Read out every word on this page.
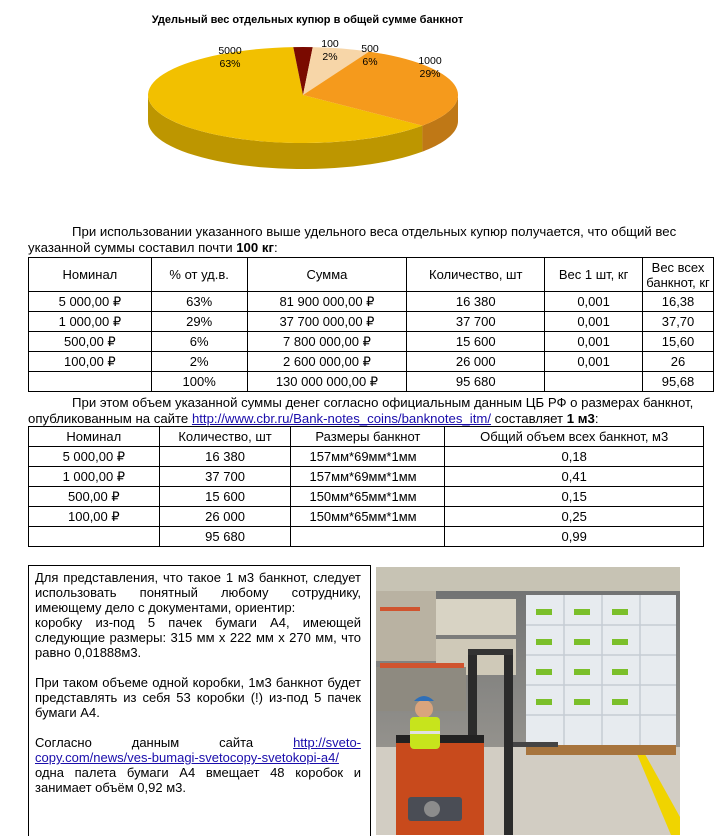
Удельный вес отдельных купюр в общей сумме банкнот
5000
63%
100
2%
500
6%	1000
29%

При использовании указанного выше удельного веса отдельных купюр получается, что общий вес указанной суммы составил почти 100 кг:

Номинал	% от уд.в.	Сумма	Количество, шт	Вес 1 шт, кг	Вес всех банкнот, кг
5 000,00 ₽	63%	81 900 000,00 ₽	16 380	0,001	16,38
1 000,00 ₽	29%	37 700 000,00 ₽	37 700	0,001	37,70
500,00 ₽	6%	7 800 000,00 ₽	15 600	0,001	15,60
100,00 ₽	2%	2 600 000,00 ₽	26 000	0,001	26
	100%	130 000 000,00 ₽	95 680		95,68

При этом объем указанной суммы денег согласно официальным данным ЦБ РФ о размерах банкнот, опубликованным на сайте http://www.cbr.ru/Bank-notes_coins/banknotes_itm/ составляет 1 м3:

Номинал	Количество, шт	Размеры банкнот	Общий объем всех банкнот, м3
5 000,00 ₽	16 380	157мм*69мм*1мм	0,18
1 000,00 ₽	37 700	157мм*69мм*1мм	0,41
500,00 ₽	15 600	150мм*65мм*1мм	0,15
100,00 ₽	26 000	150мм*65мм*1мм	0,25
	95 680		0,99

Для представления, что такое 1 м3 банкнот, следует использовать понятный любому сотруднику, имеющему дело с документами, ориентир:

коробку из-под 5 пачек бумаги А4, имеющей следующие размеры: 315 мм х 222 мм х 270 мм, что равно 0,01888м3.

При таком объеме одной коробки, 1м3 банкнот будет представлять из себя 53 коробки (!) из-под 5 пачек бумаги А4.

Согласно данным сайта http://sveto-copy.com/news/ves-bumagi-svetocopy-svetokopi-a4/ одна палета бумаги А4 вмещает 48 коробок и занимает объём 0,92 м3.
